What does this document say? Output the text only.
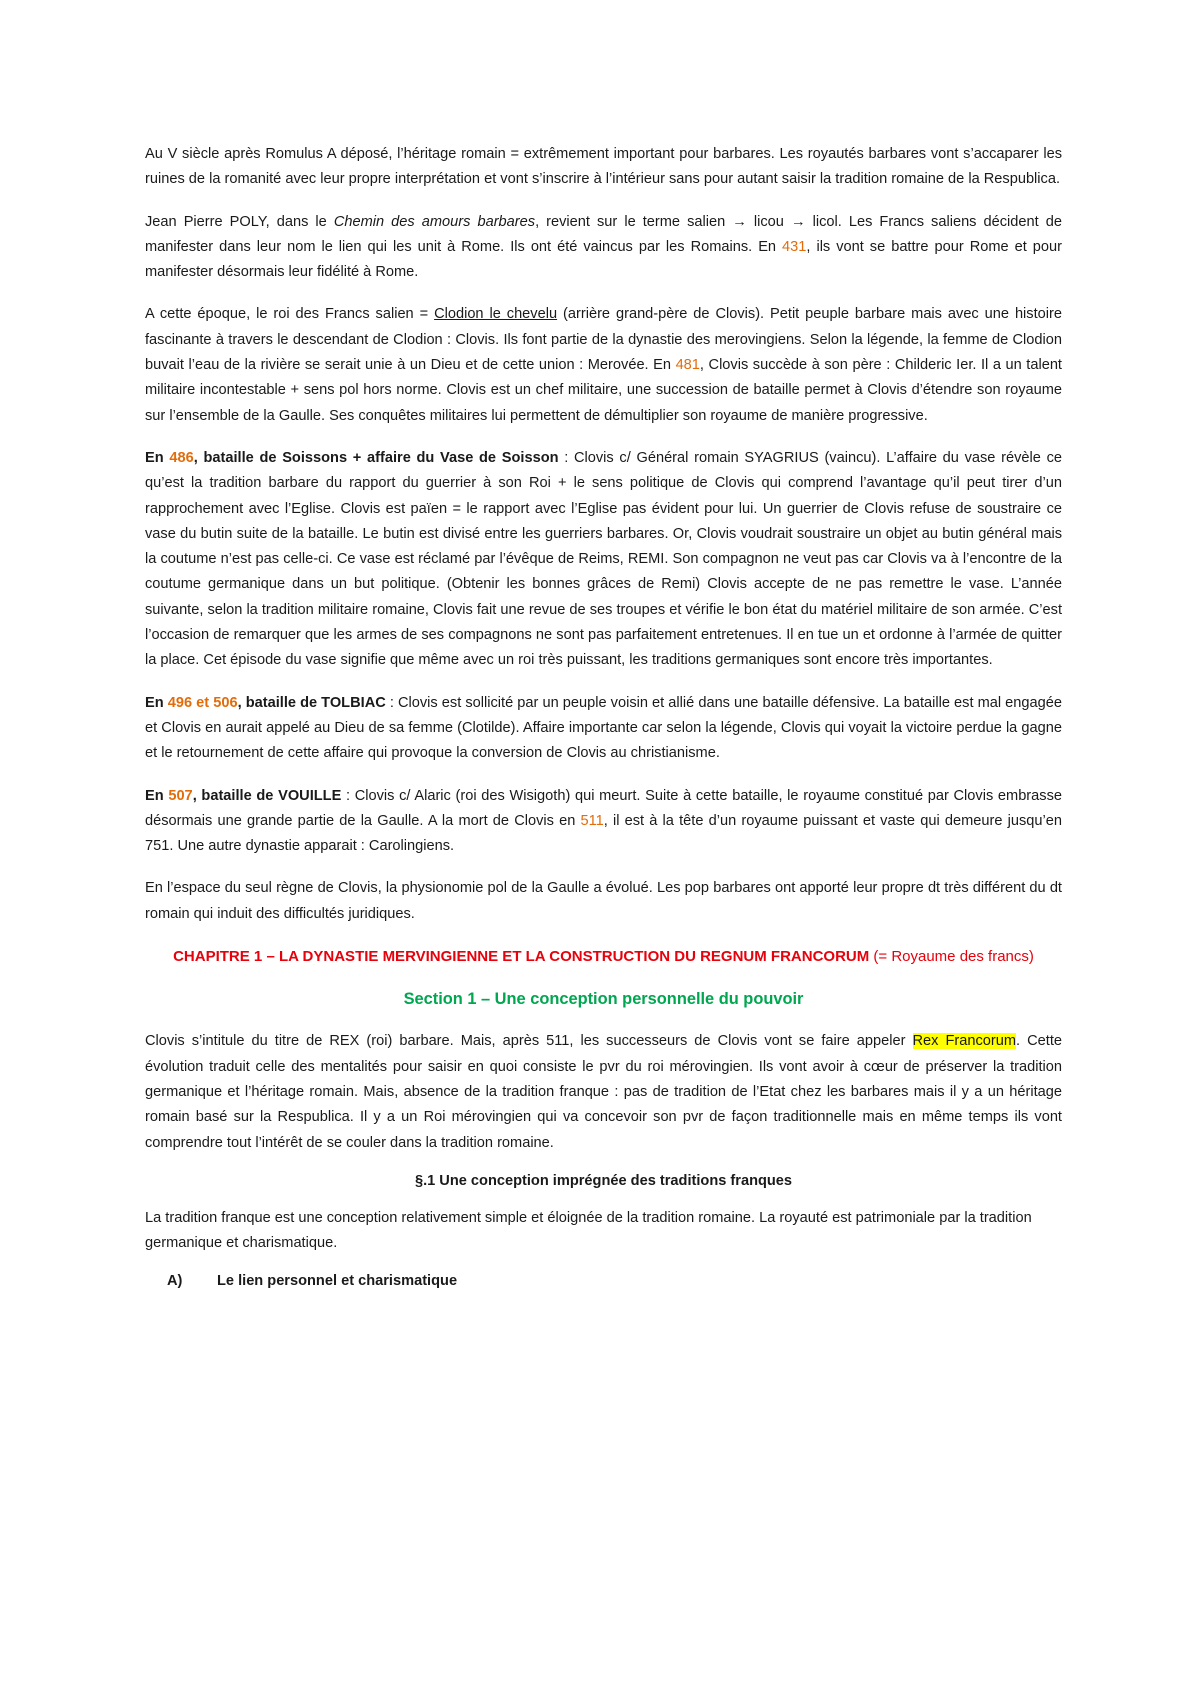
Au V siècle après Romulus A déposé, l’héritage romain = extrêmement important pour barbares. Les royautés barbares vont s’accaparer les ruines de la romanité avec leur propre interprétation et vont s’inscrire à l’intérieur sans pour autant saisir la tradition romaine de la Respublica.

Jean Pierre POLY, dans le Chemin des amours barbares, revient sur le terme salien → licou → licol. Les Francs saliens décident de manifester dans leur nom le lien qui les unit à Rome. Ils ont été vaincus par les Romains. En 431, ils vont se battre pour Rome et pour manifester désormais leur fidélité à Rome.

A cette époque, le roi des Francs salien = Clodion le chevelu (arrière grand-père de Clovis). Petit peuple barbare mais avec une histoire fascinante à travers le descendant de Clodion : Clovis. Ils font partie de la dynastie des merovingiens. Selon la légende, la femme de Clodion buvait l’eau de la rivière se serait unie à un Dieu et de cette union : Merovée. En 481, Clovis succède à son père : Childeric Ier. Il a un talent militaire incontestable + sens pol hors norme. Clovis est un chef militaire, une succession de bataille permet à Clovis d’étendre son royaume sur l’ensemble de la Gaulle. Ses conquêtes militaires lui permettent de démultiplier son royaume de manière progressive.

En 486, bataille de Soissons + affaire du Vase de Soisson : Clovis c/ Général romain SYAGRIUS (vaincu). L’affaire du vase révèle ce qu’est la tradition barbare du rapport du guerrier à son Roi + le sens politique de Clovis qui comprend l’avantage qu’il peut tirer d’un rapprochement avec l’Eglise. Clovis est païen = le rapport avec l’Eglise pas évident pour lui. Un guerrier de Clovis refuse de soustraire ce vase du butin suite de la bataille. Le butin est divisé entre les guerriers barbares. Or, Clovis voudrait soustraire un objet au butin général mais la coutume n’est pas celle-ci. Ce vase est réclamé par l’évêque de Reims, REMI. Son compagnon ne veut pas car Clovis va à l’encontre de la coutume germanique dans un but politique. (Obtenir les bonnes grâces de Remi) Clovis accepte de ne pas remettre le vase. L’année suivante, selon la tradition militaire romaine, Clovis fait une revue de ses troupes et vérifie le bon état du matériel militaire de son armée. C’est l’occasion de remarquer que les armes de ses compagnons ne sont pas parfaitement entretenues. Il en tue un et ordonne à l’armée de quitter la place. Cet épisode du vase signifie que même avec un roi très puissant, les traditions germaniques sont encore très importantes.

En 496 et 506, bataille de TOLBIAC : Clovis est sollicité par un peuple voisin et allié dans une bataille défensive. La bataille est mal engagée et Clovis en aurait appelé au Dieu de sa femme (Clotilde). Affaire importante car selon la légende, Clovis qui voyait la victoire perdue la gagne et le retournement de cette affaire qui provoque la conversion de Clovis au christianisme.

En 507, bataille de VOUILLE : Clovis c/ Alaric (roi des Wisigoth) qui meurt. Suite à cette bataille, le royaume constitué par Clovis embrasse désormais une grande partie de la Gaulle. A la mort de Clovis en 511, il est à la tête d’un royaume puissant et vaste qui demeure jusqu’en 751. Une autre dynastie apparait : Carolingiens.

En l’espace du seul règne de Clovis, la physionomie pol de la Gaulle a évolué. Les pop barbares ont apporté leur propre dt très différent du dt romain qui induit des difficultés juridiques.

CHAPITRE 1 – LA DYNASTIE MERVINGIENNE ET LA CONSTRUCTION DU REGNUM FRANCORUM (= Royaume des francs)
Section 1 – Une conception personnelle du pouvoir

Clovis s’intitule du titre de REX (roi) barbare. Mais, après 511, les successeurs de Clovis vont se faire appeler Rex Francorum. Cette évolution traduit celle des mentalités pour saisir en quoi consiste le pvr du roi mérovingien. Ils vont avoir à cœur de préserver la tradition germanique et l’héritage romain. Mais, absence de la tradition franque : pas de tradition de l’Etat chez les barbares mais il y a un héritage romain basé sur la Respublica. Il y a un Roi mérovingien qui va concevoir son pvr de façon traditionnelle mais en même temps ils vont comprendre tout l’intérêt de se couler dans la tradition romaine.

§.1 Une conception imprégnée des traditions franques

La tradition franque est une conception relativement simple et éloignée de la tradition romaine. La royauté est patrimoniale par la tradition germanique et charismatique.

A) Le lien personnel et charismatique
